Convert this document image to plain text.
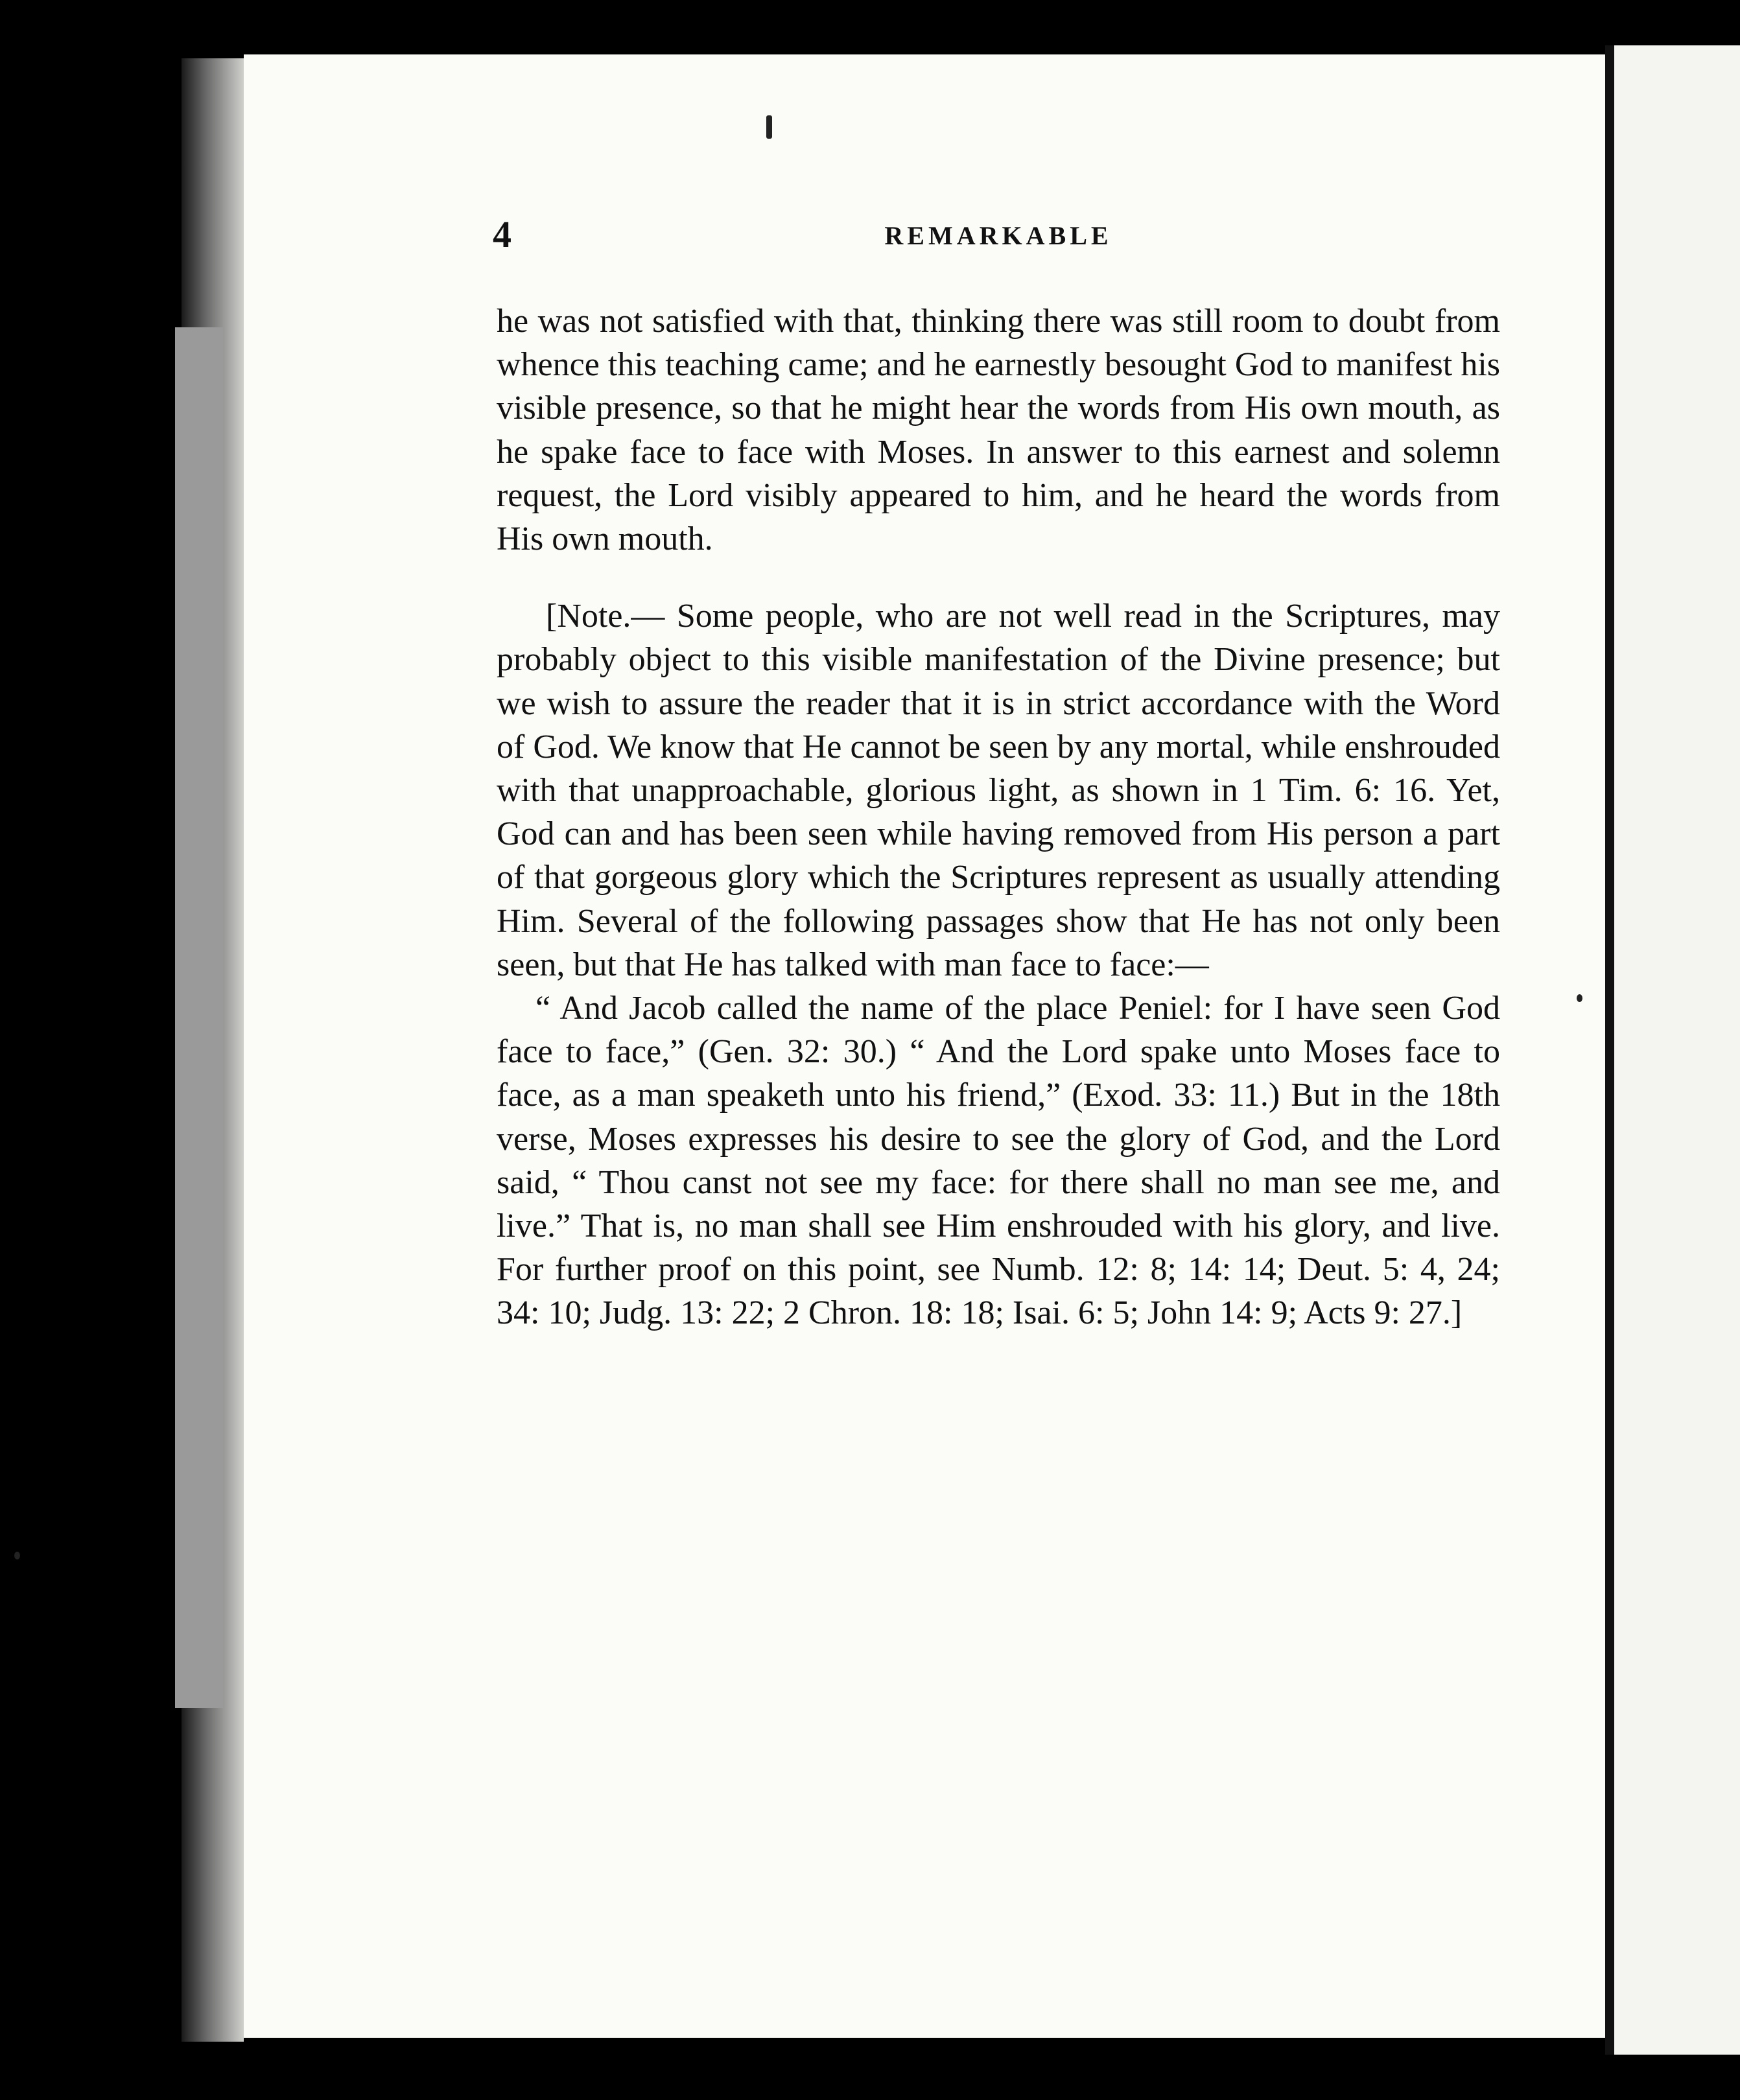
4	REMARKABLE

he was not satisfied with that, thinking there was still room to doubt from whence this teaching came; and he earnestly besought God to manifest his visible presence, so that he might hear the words from His own mouth, as he spake face to face with Moses. In answer to this earnest and solemn request, the Lord visibly appeared to him, and he heard the words from His own mouth.

[Note.— Some people, who are not well read in the Scriptures, may probably object to this visible manifestation of the Divine presence; but we wish to assure the reader that it is in strict accordance with the Word of God. We know that He cannot be seen by any mortal, while enshrouded with that unapproachable, glorious light, as shown in 1 Tim. 6: 16. Yet, God can and has been seen while having removed from His person a part of that gorgeous glory which the Scriptures represent as usually attending Him. Several of the following passages show that He has not only been seen, but that He has talked with man face to face:—

“ And Jacob called the name of the place Peniel: for I have seen God face to face,” (Gen. 32: 30.) “ And the Lord spake unto Moses face to face, as a man speaketh unto his friend,” (Exod. 33: 11.) But in the 18th verse, Moses expresses his desire to see the glory of God, and the Lord said, “ Thou canst not see my face: for there shall no man see me, and live.” That is, no man shall see Him enshrouded with his glory, and live. For further proof on this point, see Numb. 12: 8; 14: 14; Deut. 5: 4, 24; 34: 10; Judg. 13: 22; 2 Chron. 18: 18; Isai. 6: 5; John 14: 9; Acts 9: 27.]
